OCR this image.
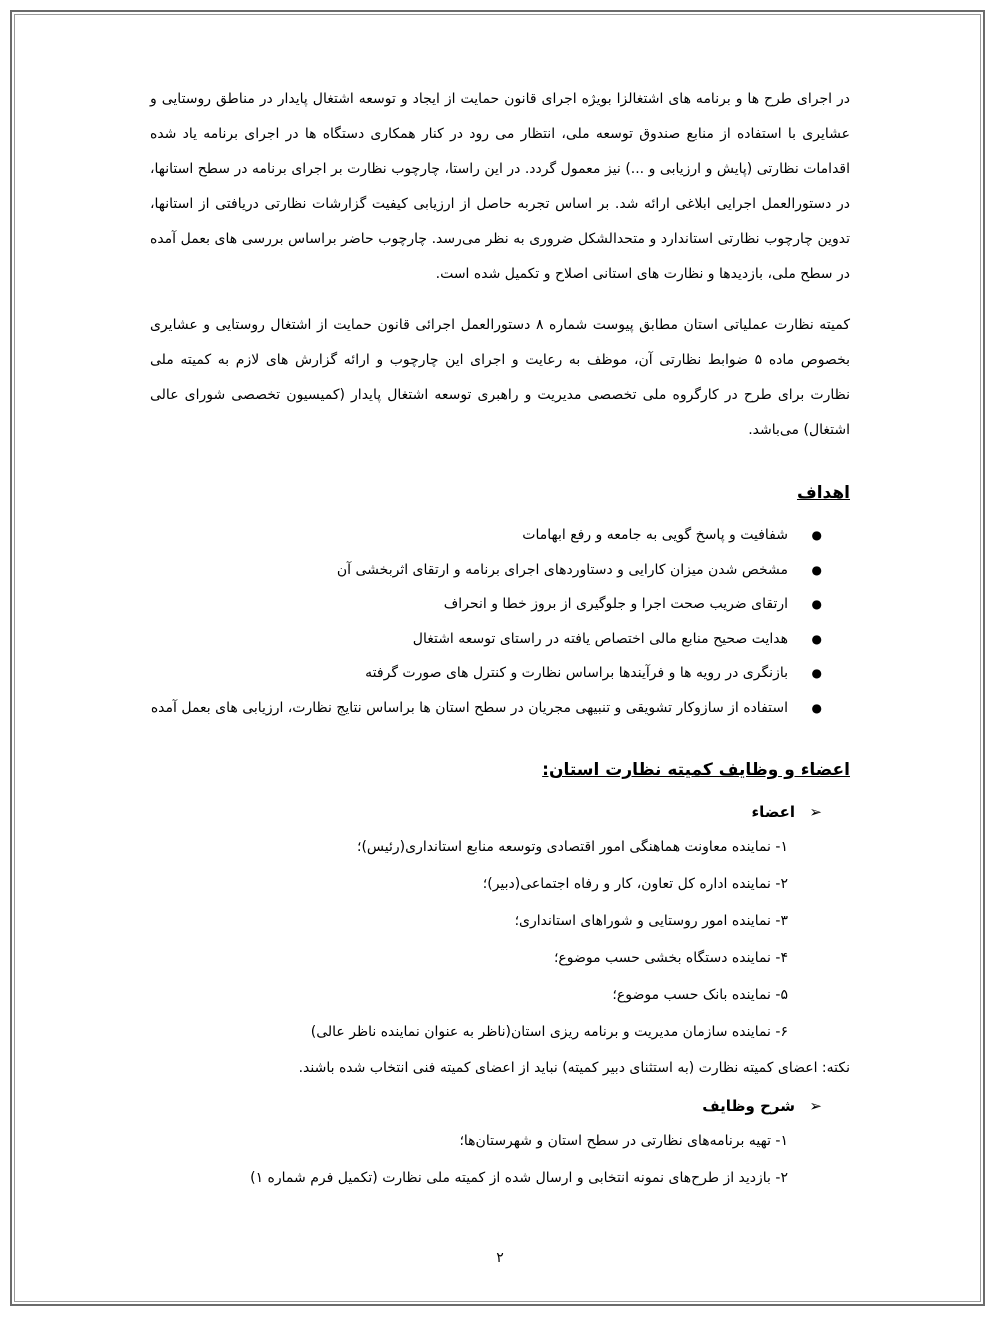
در اجرای طرح ها و برنامه های اشتغالزا بویژه اجرای قانون حمایت از ایجاد و توسعه اشتغال پایدار در مناطق روستایی و عشایری با استفاده از منابع صندوق توسعه ملی، انتظار می رود در کنار همکاری دستگاه ها در اجرای برنامه یاد شده اقدامات نظارتی (پایش و ارزیابی و ...) نیز معمول گردد. در این راستا، چارچوب نظارت بر اجرای برنامه در سطح استانها، در دستورالعمل اجرایی ابلاغی ارائه شد. بر اساس تجربه حاصل از ارزیابی کیفیت گزارشات نظارتی دریافتی از استانها، تدوین چارچوب نظارتی استاندارد و متحدالشکل ضروری به نظر می‌رسد. چارچوب حاضر براساس بررسی های بعمل آمده در سطح ملی، بازدیدها و نظارت های استانی اصلاح و تکمیل شده است.

کمیته نظارت عملیاتی استان مطابق پیوست شماره ۸ دستورالعمل اجرائی قانون حمایت از اشتغال روستایی و عشایری بخصوص ماده ۵ ضوابط نظارتی آن، موظف به رعایت و اجرای این چارچوب و ارائه گزارش های لازم به کمیته ملی نظارت برای طرح در کارگروه ملی تخصصی مدیریت و راهبری توسعه اشتغال پایدار (کمیسیون تخصصی شورای عالی اشتغال) می‌باشد.

اهداف
●
شفافیت و پاسخ گویی به جامعه و رفع ابهامات
●
مشخص شدن میزان کارایی و دستاوردهای اجرای برنامه و ارتقای اثربخشی آن
●
ارتقای ضریب صحت اجرا و جلوگیری از بروز خطا و انحراف
●
هدایت صحیح منابع مالی اختصاص یافته در راستای توسعه اشتغال
●
بازنگری در رویه ها و فرآیندها براساس نظارت و کنترل های صورت گرفته
●
استفاده از سازوکار تشویقی و تنبیهی مجریان در سطح استان ها براساس نتایج نظارت، ارزیابی های بعمل آمده
اعضاء و وظایف کمیته نظارت استان:
➢
اعضاء
۱- نماینده معاونت هماهنگی امور اقتصادی وتوسعه منابع استانداری(رئیس)؛
۲- نماینده اداره کل تعاون، کار و رفاه اجتماعی(دبیر)؛
۳- نماینده امور روستایی و شوراهای استانداری؛
۴- نماینده دستگاه بخشی حسب موضوع؛
۵- نماینده بانک حسب موضوع؛
۶- نماینده سازمان مدیریت و برنامه ریزی استان(ناظر به عنوان نماینده ناظر عالی)
نکته: اعضای کمیته نظارت (به استثنای دبیر کمیته) نباید از اعضای کمیته فنی انتخاب شده باشند.
➢
شرح وظایف
۱- تهیه برنامه‌های نظارتی در سطح استان و شهرستان‌ها؛
۲- بازدید از طرح‌های نمونه انتخابی و ارسال شده از کمیته ملی نظارت (تکمیل فرم شماره ۱)
۲
